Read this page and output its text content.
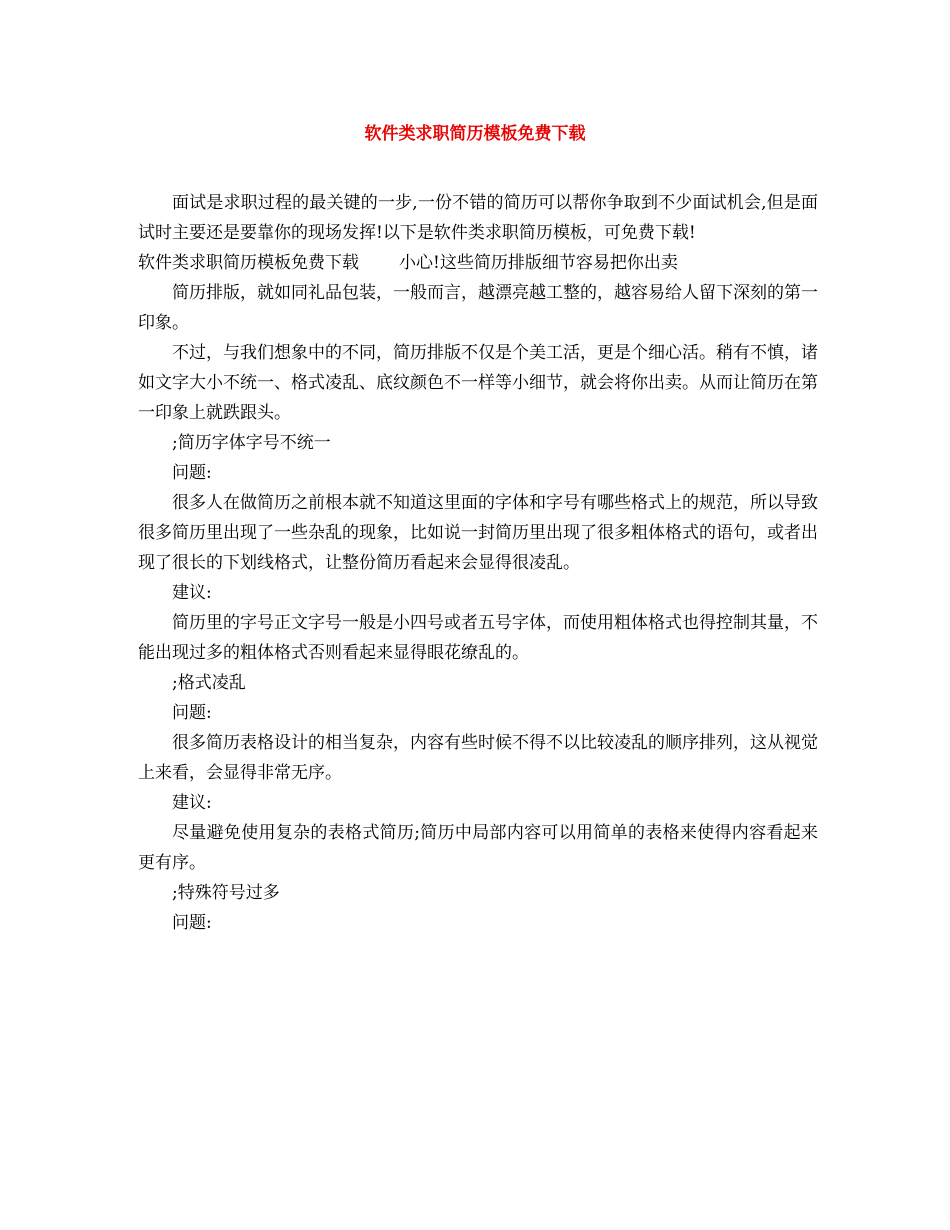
软件类求职简历模板免费下载

面试是求职过程的最关键的一步,一份不错的简历可以帮你争取到不少面试机会,但是面试时主要还是要靠你的现场发挥!以下是软件类求职简历模板，可免费下载!

软件类求职简历模板免费下载 小心!这些简历排版细节容易把你出卖

简历排版，就如同礼品包装，一般而言，越漂亮越工整的，越容易给人留下深刻的第一印象。

不过，与我们想象中的不同，简历排版不仅是个美工活，更是个细心活。稍有不慎，诸如文字大小不统一、格式凌乱、底纹颜色不一样等小细节，就会将你出卖。从而让简历在第一印象上就跌跟头。

;简历字体字号不统一

问题:

很多人在做简历之前根本就不知道这里面的字体和字号有哪些格式上的规范，所以导致很多简历里出现了一些杂乱的现象，比如说一封简历里出现了很多粗体格式的语句，或者出现了很长的下划线格式，让整份简历看起来会显得很凌乱。

建议:

简历里的字号正文字号一般是小四号或者五号字体，而使用粗体格式也得控制其量，不能出现过多的粗体格式否则看起来显得眼花缭乱的。

;格式凌乱

问题:

很多简历表格设计的相当复杂，内容有些时候不得不以比较凌乱的顺序排列，这从视觉上来看，会显得非常无序。

建议:

尽量避免使用复杂的表格式简历;简历中局部内容可以用简单的表格来使得内容看起来更有序。

;特殊符号过多

问题:
